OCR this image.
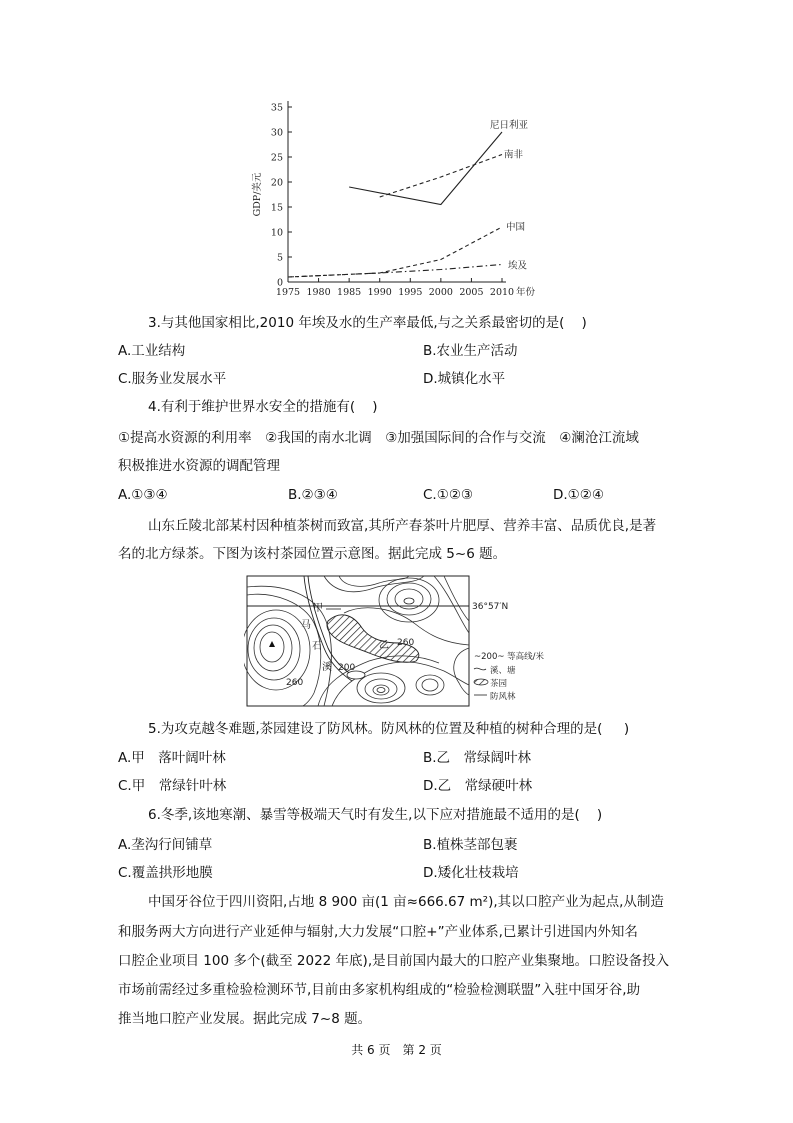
0
5
10
15
20
25
30
35
1975 1980 1985 1990 1995 2000 2005 2010 年份
GDP/美元
尼日利亚
南非
中国
埃及
3.与其他国家相比,2010 年埃及水的生产率最低,与之关系最密切的是(    )
A.工业结构	B.农业生产活动
C.服务业发展水平	D.城镇化水平
4.有利于维护世界水安全的措施有(    )
①提高水资源的利用率　②我国的南水北调　③加强国际间的合作与交流　④澜沧江流域
积极推进水资源的调配管理
A.①③④	B.②③④	C.①②③	D.①②④
山东丘陵北部某村因种植茶树而致富,其所产春茶叶片肥厚、营养丰富、品质优良,是著
名的北方绿茶。下图为该村茶园位置示意图。据此完成 5~6 题。
36°57′N
甲
马
石
溪
乙 260
260
200
~200~ 等高线/米
溪、塘
茶园
防风林
5.为攻克越冬难题,茶园建设了防风林。防风林的位置及种植的树种合理的是(     )
A.甲　落叶阔叶林	B.乙　常绿阔叶林
C.甲　常绿针叶林	D.乙　常绿硬叶林
6.冬季,该地寒潮、暴雪等极端天气时有发生,以下应对措施最不适用的是(    )
A.垄沟行间铺草	B.植株茎部包裹
C.覆盖拱形地膜	D.矮化壮枝栽培
中国牙谷位于四川资阳,占地 8 900 亩(1 亩≈666.67 m²),其以口腔产业为起点,从制造
和服务两大方向进行产业延伸与辐射,大力发展“口腔+”产业体系,已累计引进国内外知名
口腔企业项目 100 多个(截至 2022 年底),是目前国内最大的口腔产业集聚地。口腔设备投入
市场前需经过多重检验检测环节,目前由多家机构组成的“检验检测联盟”入驻中国牙谷,助
推当地口腔产业发展。据此完成 7~8 题。
共 6 页　第 2 页
